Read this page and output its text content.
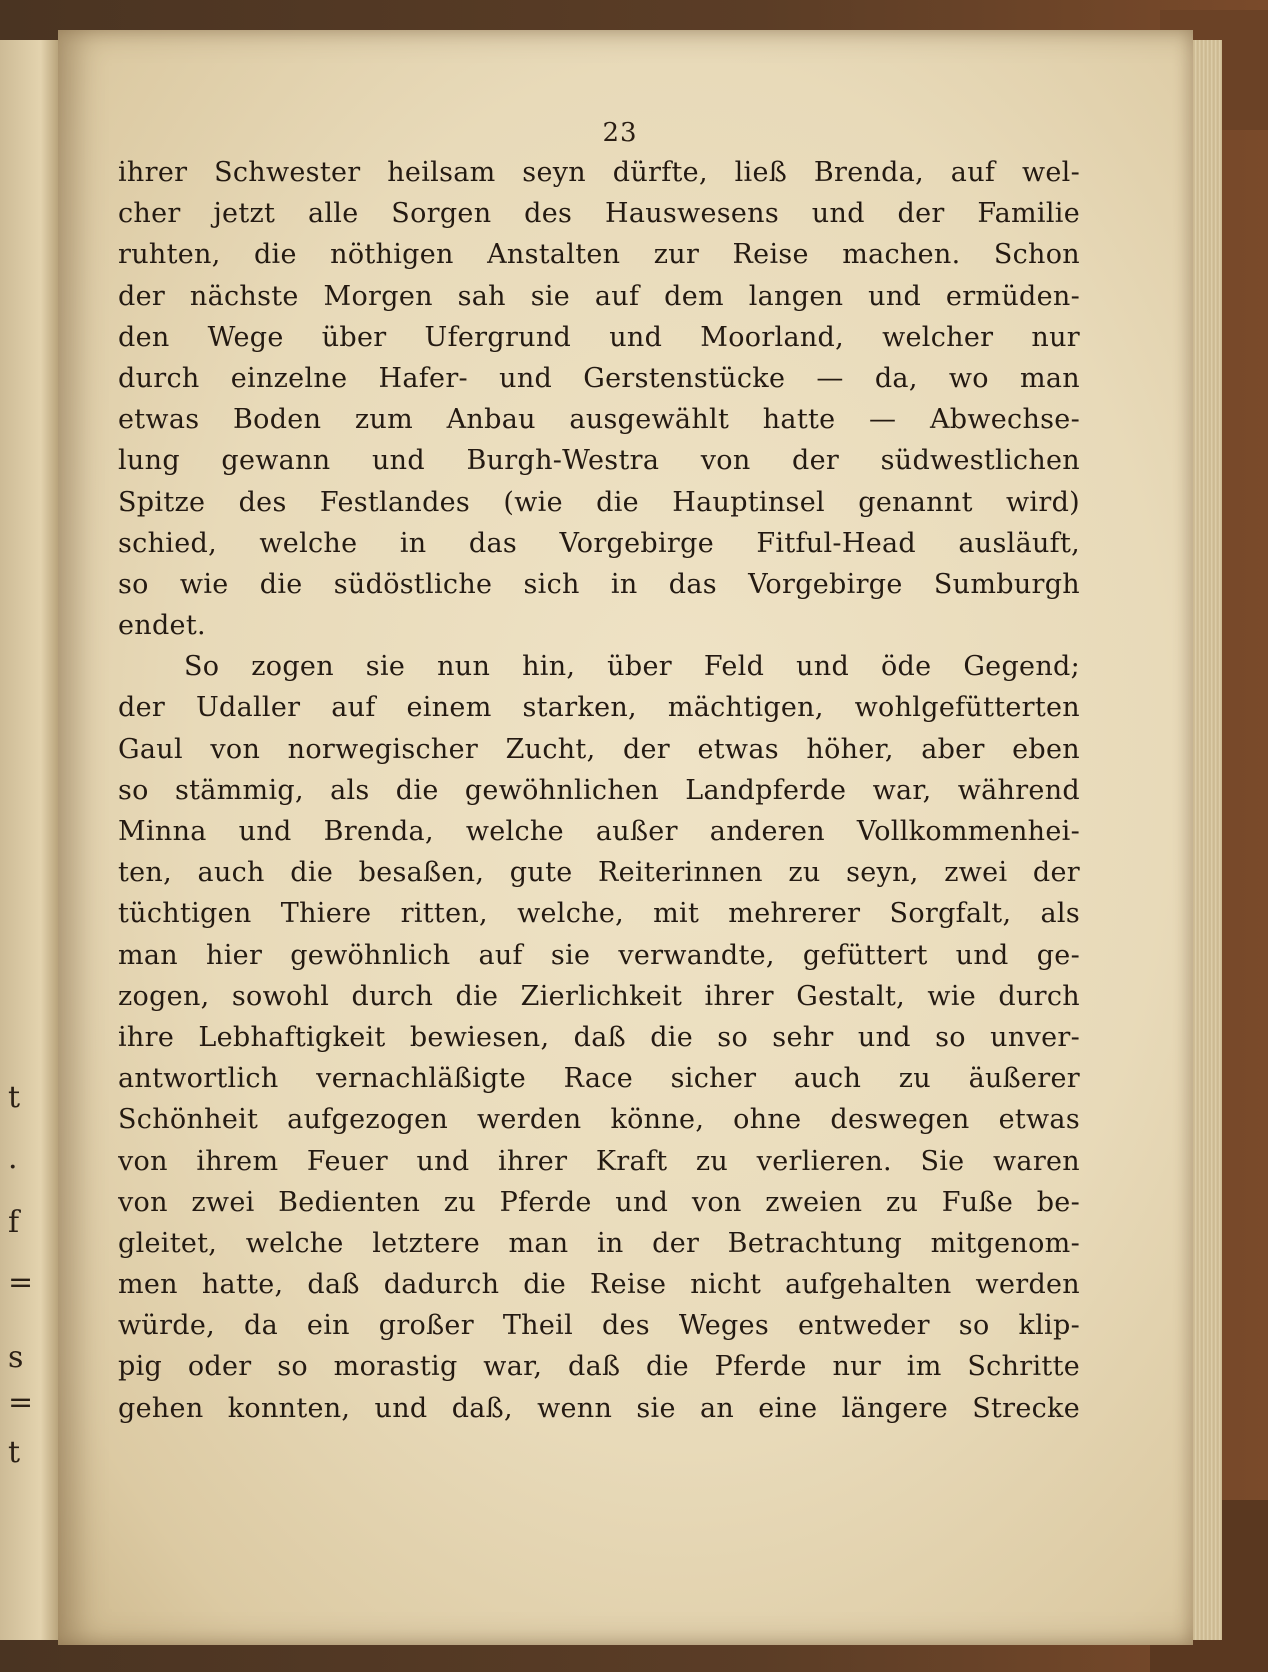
t
·
f
=
s
=
t
23
ihrer Schwester heilsam seyn dürfte, ließ Brenda, auf wel‑
cher jetzt alle Sorgen des Hauswesens und der Familie
ruhten, die nöthigen Anstalten zur Reise machen. Schon
der nächste Morgen sah sie auf dem langen und ermüden‑
den Wege über Ufergrund und Moorland, welcher nur
durch einzelne Hafer‑ und Gerstenstücke — da, wo man
etwas Boden zum Anbau ausgewählt hatte — Abwechse‑
lung gewann und Burgh‑Westra von der südwestlichen
Spitze des Festlandes (wie die Hauptinsel genannt wird)
schied, welche in das Vorgebirge Fitful‑Head ausläuft,
so wie die südöstliche sich in das Vorgebirge Sumburgh
endet.
So zogen sie nun hin, über Feld und öde Gegend;
der Udaller auf einem starken, mächtigen, wohlgefütterten
Gaul von norwegischer Zucht, der etwas höher, aber eben
so stämmig, als die gewöhnlichen Landpferde war, während
Minna und Brenda, welche außer anderen Vollkommenhei‑
ten, auch die besaßen, gute Reiterinnen zu seyn, zwei der
tüchtigen Thiere ritten, welche, mit mehrerer Sorgfalt, als
man hier gewöhnlich auf sie verwandte, gefüttert und ge‑
zogen, sowohl durch die Zierlichkeit ihrer Gestalt, wie durch
ihre Lebhaftigkeit bewiesen, daß die so sehr und so unver‑
antwortlich vernachläßigte Race sicher auch zu äußerer
Schönheit aufgezogen werden könne, ohne deswegen etwas
von ihrem Feuer und ihrer Kraft zu verlieren. Sie waren
von zwei Bedienten zu Pferde und von zweien zu Fuße be‑
gleitet, welche letztere man in der Betrachtung mitgenom‑
men hatte, daß dadurch die Reise nicht aufgehalten werden
würde, da ein großer Theil des Weges entweder so klip‑
pig oder so morastig war, daß die Pferde nur im Schritte
gehen konnten, und daß, wenn sie an eine längere Strecke
